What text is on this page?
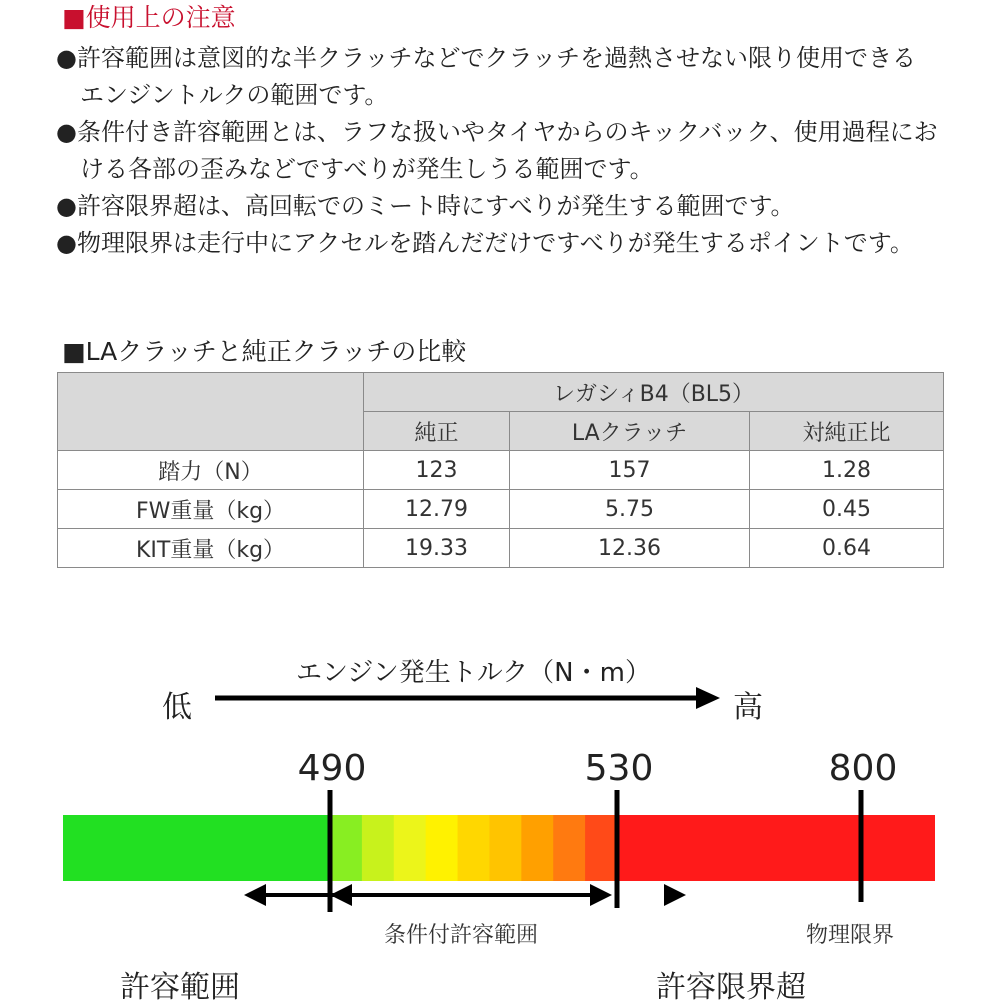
■使用上の注意
●許容範囲は意図的な半クラッチなどでクラッチを過熱させない限り使用できる
エンジントルクの範囲です。
●条件付き許容範囲とは、ラフな扱いやタイヤからのキックバック、使用過程にお
ける各部の歪みなどですべりが発生しうる範囲です。
●許容限界超は、高回転でのミート時にすべりが発生する範囲です。
●物理限界は走行中にアクセルを踏んだだけですべりが発生するポイントです。
■LAクラッチと純正クラッチの比較
	レガシィB4（BL5）		
	純正	LAクラッチ	対純正比
踏力（N）	123	157	1.28
FW重量（kg）	12.79	5.75	0.45
KIT重量（kg）	19.33	12.36	0.64
エンジン発生トルク（N・m）
低	高
490	530	800
条件付許容範囲	物理限界
許容範囲	許容限界超
